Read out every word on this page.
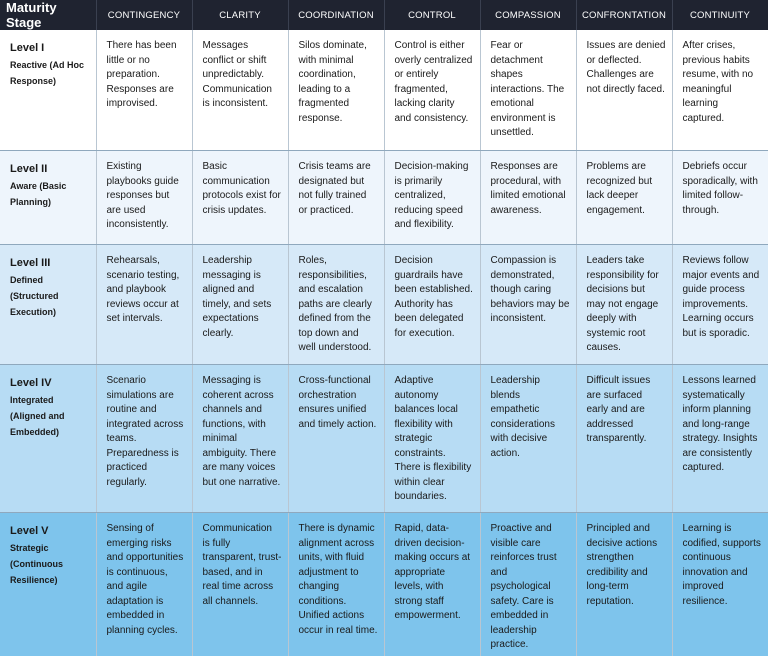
Maturity Stage	CONTINGENCY	CLARITY	COORDINATION	CONTROL	COMPASSION	CONFRONTATION	CONTINUITY

Level I
Reactive (Ad Hoc Response)	There has been little or no preparation. Responses are improvised.	Messages conflict or shift unpredictably. Communication is inconsistent.	Silos dominate, with minimal coordination, leading to a fragmented response.	Control is either overly centralized or entirely fragmented, lacking clarity and consistency.	Fear or detachment shapes interactions. The emotional environment is unsettled.	Issues are denied or deflected. Challenges are not directly faced.	After crises, previous habits resume, with no meaningful learning captured.

Level II
Aware (Basic Planning)	Existing playbooks guide responses but are used inconsistently.	Basic communication protocols exist for crisis updates.	Crisis teams are designated but not fully trained or practiced.	Decision-making is primarily centralized, reducing speed and flexibility.	Responses are procedural, with limited emotional awareness.	Problems are recognized but lack deeper engagement.	Debriefs occur sporadically, with limited follow-through.

Level III
Defined (Structured Execution)	Rehearsals, scenario testing, and playbook reviews occur at set intervals.	Leadership messaging is aligned and timely, and sets expectations clearly.	Roles, responsibilities, and escalation paths are clearly defined from the top down and well understood.	Decision guardrails have been established. Authority has been delegated for execution.	Compassion is demonstrated, though caring behaviors may be inconsistent.	Leaders take responsibility for decisions but may not engage deeply with systemic root causes.	Reviews follow major events and guide process improvements. Learning occurs but is sporadic.

Level IV
Integrated (Aligned and Embedded)	Scenario simulations are routine and integrated across teams. Preparedness is practiced regularly.	Messaging is coherent across channels and functions, with minimal ambiguity. There are many voices but one narrative.	Cross-functional orchestration ensures unified and timely action.	Adaptive autonomy balances local flexibility with strategic constraints. There is flexibility within clear boundaries.	Leadership blends empathetic considerations with decisive action.	Difficult issues are surfaced early and are addressed transparently.	Lessons learned systematically inform planning and long-range strategy. Insights are consistently captured.

Level V
Strategic (Continuous Resilience)	Sensing of emerging risks and opportunities is continuous, and agile adaptation is embedded in planning cycles.	Communication is fully transparent, trust-based, and in real time across all channels.	There is dynamic alignment across units, with fluid adjustment to changing conditions. Unified actions occur in real time.	Rapid, data-driven decision-making occurs at appropriate levels, with strong staff empowerment.	Proactive and visible care reinforces trust and psychological safety. Care is embedded in leadership practice.	Principled and decisive actions strengthen credibility and long-term reputation.	Learning is codified, supports continuous innovation and improved resilience.
